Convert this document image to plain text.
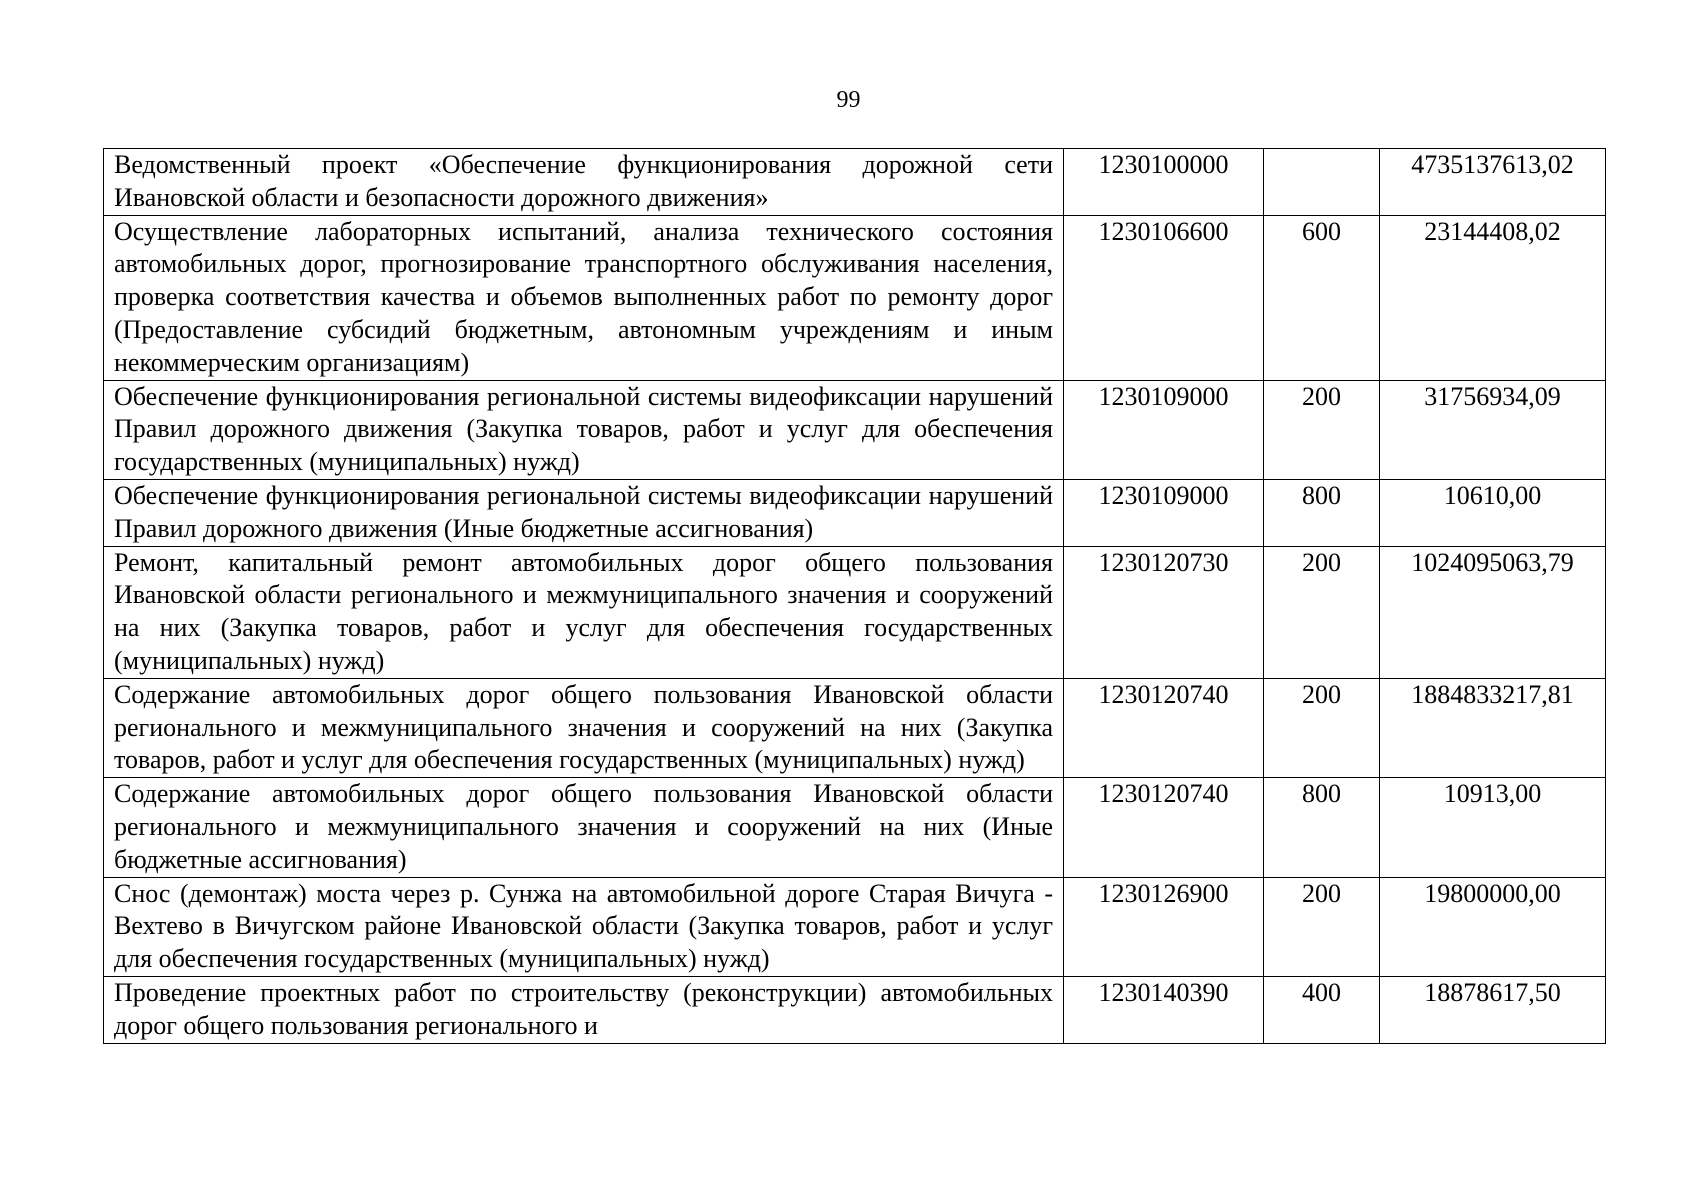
99
Ведомственный проект «Обеспечение функционирования дорожной сети Ивановской области и безопасности дорожного движения»	1230100000		4735137613,02
Осуществление лабораторных испытаний, анализа технического состояния автомобильных дорог, прогнозирование транспортного обслуживания населения, проверка соответствия качества и объемов выполненных работ по ремонту дорог (Предоставление субсидий бюджетным, автономным учреждениям и иным некоммерческим организациям)	1230106600	600	23144408,02
Обеспечение функционирования региональной системы видеофиксации нарушений Правил дорожного движения (Закупка товаров, работ и услуг для обеспечения государственных (муниципальных) нужд)	1230109000	200	31756934,09
Обеспечение функционирования региональной системы видеофиксации нарушений Правил дорожного движения (Иные бюджетные ассигнования)	1230109000	800	10610,00
Ремонт, капитальный ремонт автомобильных дорог общего пользования Ивановской области регионального и межмуниципального значения и сооружений на них (Закупка товаров, работ и услуг для обеспечения государственных (муниципальных) нужд)	1230120730	200	1024095063,79
Содержание автомобильных дорог общего пользования Ивановской области регионального и межмуниципального значения и сооружений на них (Закупка товаров, работ и услуг для обеспечения государственных (муниципальных) нужд)	1230120740	200	1884833217,81
Содержание автомобильных дорог общего пользования Ивановской области регионального и межмуниципального значения и сооружений на них (Иные бюджетные ассигнования)	1230120740	800	10913,00
Снос (демонтаж) моста через р. Сунжа на автомобильной дороге Старая Вичуга - Вехтево в Вичугском районе Ивановской области (Закупка товаров, работ и услуг для обеспечения государственных (муниципальных) нужд)	1230126900	200	19800000,00
Проведение проектных работ по строительству (реконструкции) автомобильных дорог общего пользования регионального и	1230140390	400	18878617,50
